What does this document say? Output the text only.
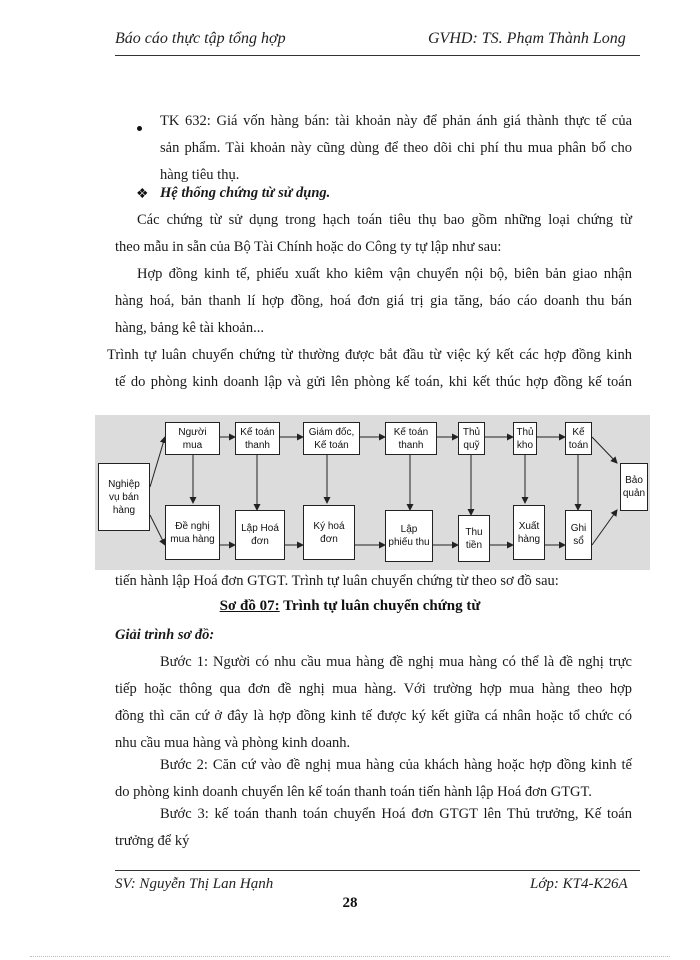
Báo cáo thực tập tổng hợp	GVHD: TS. Phạm Thành Long
TK 632: Giá vốn hàng bán: tài khoản này để phản ánh giá thành thực tế của
sản phẩm. Tài khoản này cũng dùng để theo dõi chi phí thu mua phân bổ cho
hàng tiêu thụ.
❖ Hệ thống chứng từ sử dụng.
Các chứng từ sử dụng trong hạch toán tiêu thụ bao gồm những loại chứng từ
theo mẫu in sẵn của Bộ Tài Chính hoặc do Công ty tự lập như sau:
Hợp đồng kinh tế, phiếu xuất kho kiêm vận chuyển nội bộ, biên bản giao nhận
hàng hoá, bản thanh lí hợp đồng, hoá đơn giá trị gia tăng, báo cáo doanh thu bán
hàng, bảng kê tài khoản...
Trình tự luân chuyển chứng từ thường được bắt đầu từ việc ký kết các hợp đồng kinh
tế do phòng kinh doanh lập và gửi lên phòng kế toán, khi kết thúc hợp đồng kế toán
Nghiệp
vụ bán
hàng
Bảo
quản
Người
mua
Kế toán
thanh
Giám đốc,
Kế toán
Kế toán
thanh
Thủ
quỹ
Thủ
kho
Kế
toán
Đề nghị
mua hàng
Lập Hoá
đơn
Ký hoá
đơn
Lập
phiếu thu
Thu
tiền
Xuất
hàng
Ghi
sổ
tiến hành lập Hoá đơn GTGT. Trình tự luân chuyển chứng từ theo sơ đồ sau:
Sơ đồ 07: Trình tự luân chuyển chứng từ
Giải trình sơ đồ:
Bước 1: Người có nhu cầu mua hàng đề nghị mua hàng có thể là đề nghị trực
tiếp hoặc thông qua đơn đề nghị mua hàng. Với trường hợp mua hàng theo hợp
đồng thì căn cứ ở đây là hợp đồng kinh tế được ký kết giữa cá nhân hoặc tổ chức có
nhu cầu mua hàng và phòng kinh doanh.
Bước 2: Căn cứ vào đề nghị mua hàng của khách hàng hoặc hợp đồng kinh tế
do phòng kinh doanh chuyển lên kế toán thanh toán tiến hành lập Hoá đơn GTGT.
Bước 3: kế toán thanh toán chuyển Hoá đơn GTGT lên Thủ trưởng, Kế toán
trưởng để ký
SV: Nguyễn Thị Lan Hạnh	Lớp: KT4-K26A
28
